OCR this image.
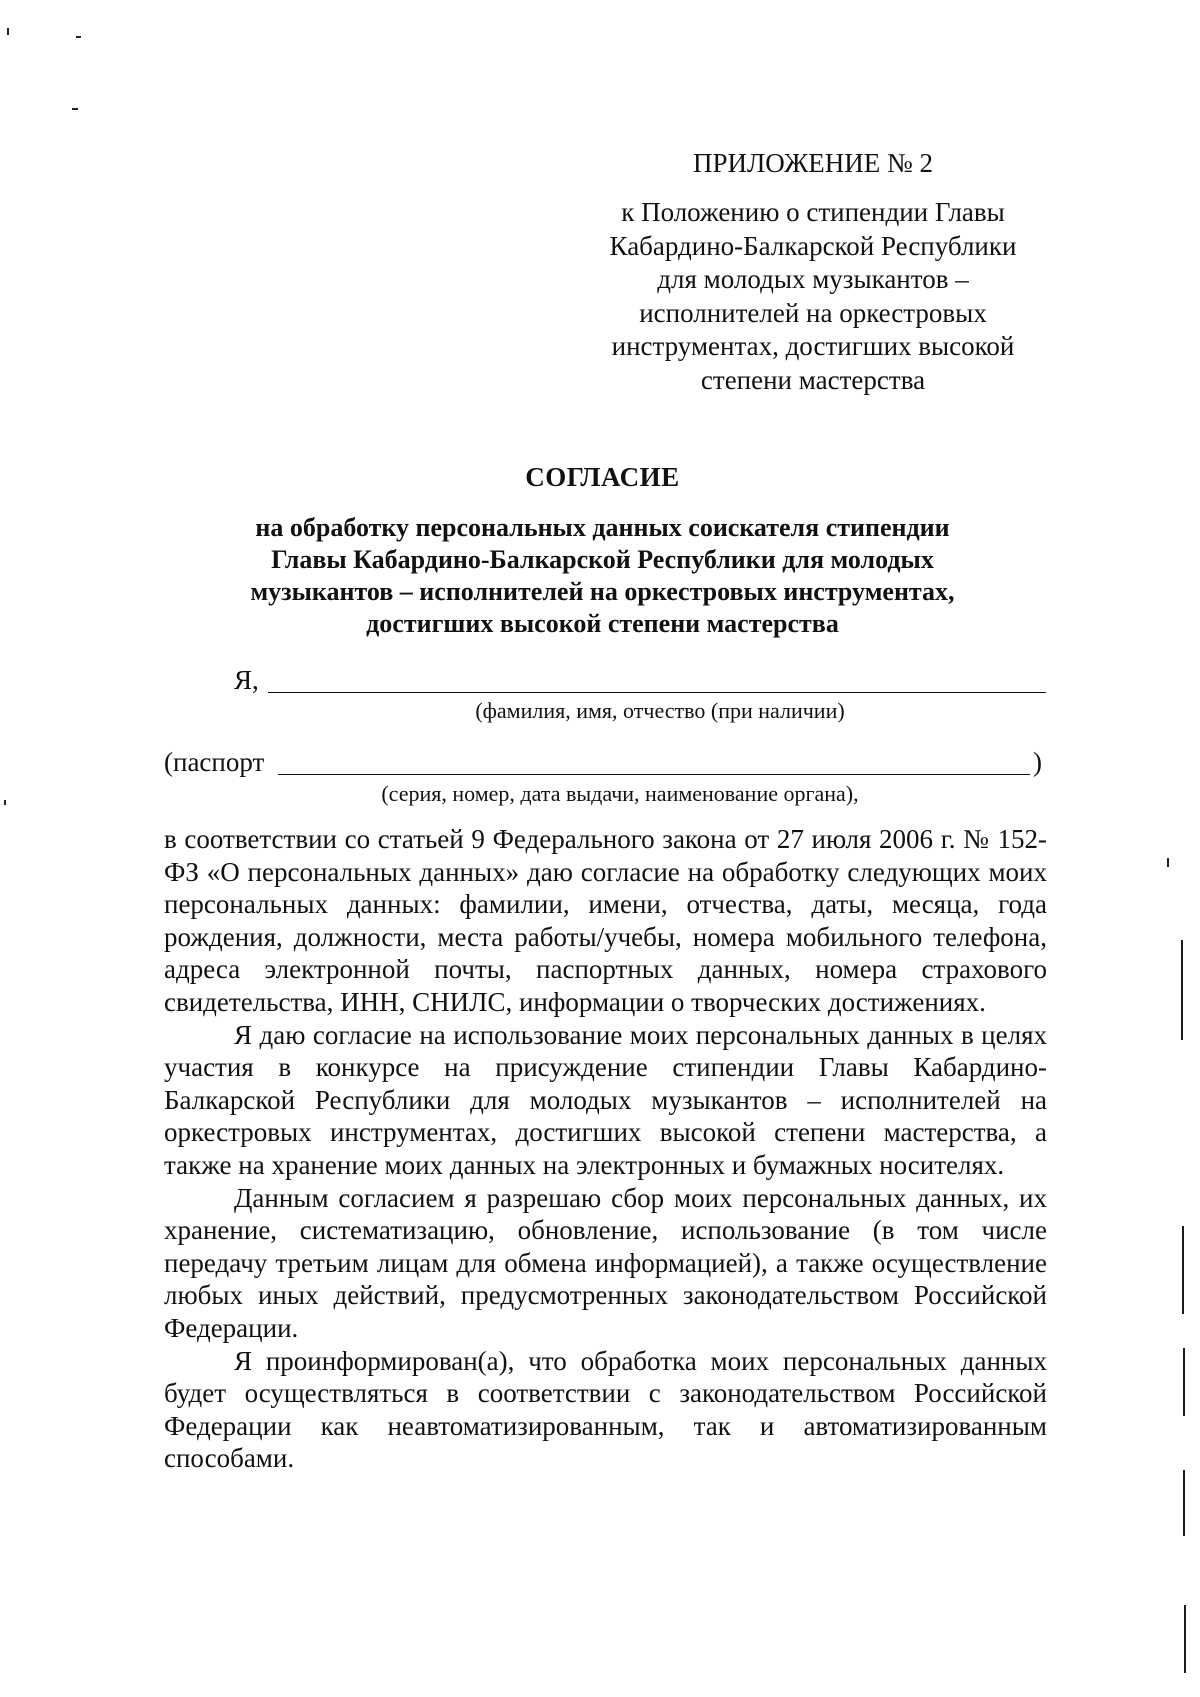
ПРИЛОЖЕНИЕ № 2
к Положению о стипендии Главы
Кабардино-Балкарской Республики
для молодых музыкантов –
исполнителей на оркестровых
инструментах, достигших высокой
степени мастерства
СОГЛАСИЕ
на обработку персональных данных соискателя стипендии
Главы Кабардино-Балкарской Республики для молодых
музыкантов – исполнителей на оркестровых инструментах,
достигших высокой степени мастерства
Я,
(фамилия, имя, отчество (при наличии)
(паспорт	)
(серия, номер, дата выдачи, наименование органа),

в соответствии со статьей 9 Федерального закона от 27 июля 2006 г. № 152-ФЗ «О персональных данных» даю согласие на обработку следующих моих персональных данных: фамилии, имени, отчества, даты, месяца, года рождения, должности, места работы/учебы, номера мобильного телефона, адреса электронной почты, паспортных данных, номера страхового свидетельства, ИНН, СНИЛС, информации о творческих достижениях.

Я даю согласие на использование моих персональных данных в целях участия в конкурсе на присуждение стипендии Главы Кабардино-Балкарской Республики для молодых музыкантов – исполнителей на оркестровых инструментах, достигших высокой степени мастерства, а также на хранение моих данных на электронных и бумажных носителях.

Данным согласием я разрешаю сбор моих персональных данных, их хранение, систематизацию, обновление, использование (в том числе передачу третьим лицам для обмена информацией), а также осуществление любых иных действий, предусмотренных законодательством Российской Федерации.

Я проинформирован(а), что обработка моих персональных данных будет осуществляться в соответствии с законодательством Российской Федерации как неавтоматизированным, так и автоматизированным способами.
